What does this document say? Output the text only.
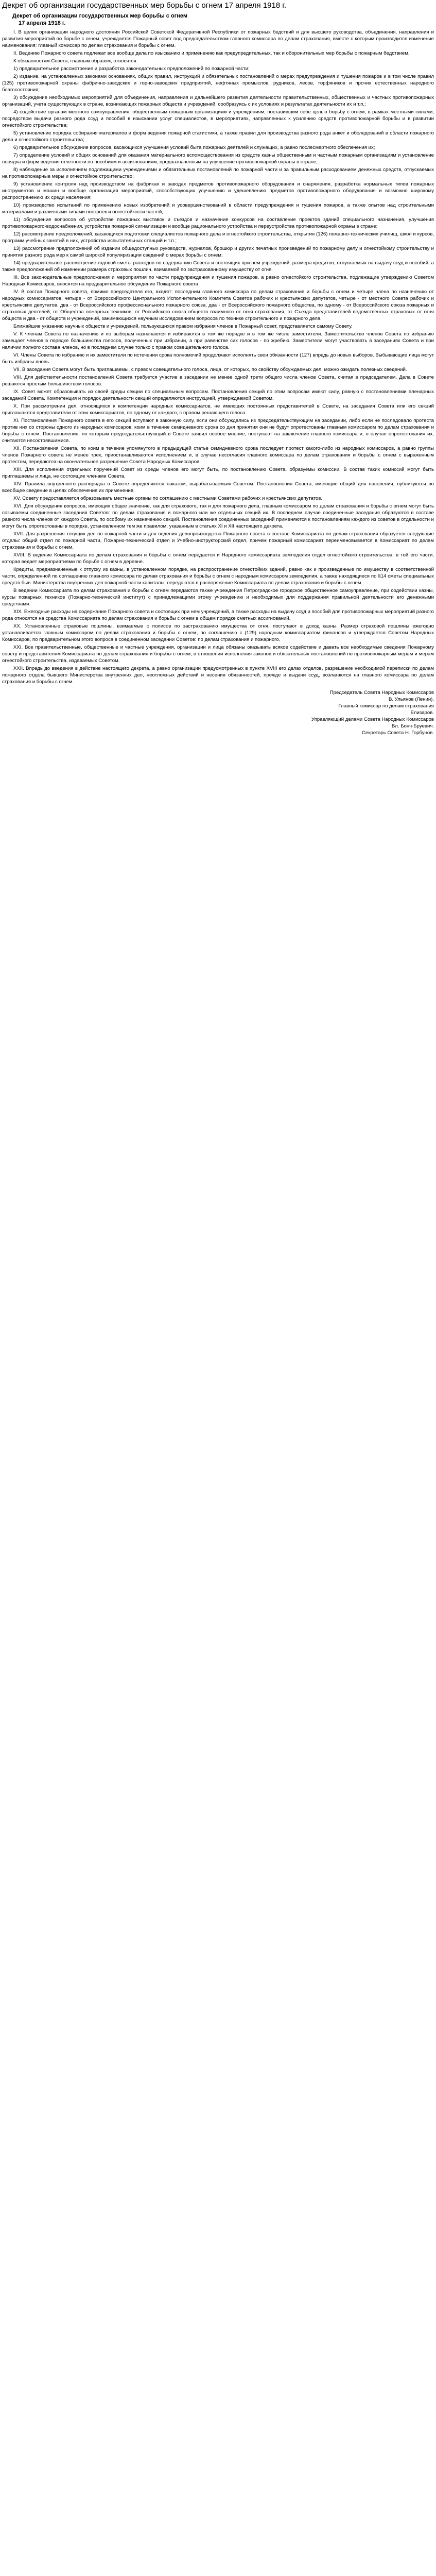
Декрет об организации государственных мер борьбы с огнем 17 апреля 1918 г.
Декрет об организации государственных мер борьбы с огнем
17 апреля 1918 г.

I. В целях организации народного достояния Российской Советской Федеративной Республики от пожарных бедствий и для высшего руководства, объединения, направления и развития мероприятий по борьбе с огнем, учреждается Пожарный совет под председательством главного комиссара по делам страхования, вместе с которым производится изменение наименования: главный комиссар по делам страхования и борьбы с огнем.

II. Ведению Пожарного совета подлежат все вообще дела по изысканию и применению как предупредительных, так и оборонительных мер борьбы с пожарным бедствием.

К обязанностям Совета, главным образом, относятся:

1) предварительное рассмотрение и разработка законодательных предположений по пожарной части;

2) издание, на установленных законами основаниях, общих правил, инструкций и обязательных постановлений о мерах предупреждения и тушения пожаров и в том числе правил (125) противопожарной охраны фабрично-заводских и горно-заводских предприятий, нефтяных промыслов, рудников, лесов, торфяников и прочих естественных народного благосостояния;

3) обсуждение необходимых мероприятий для объединения, направления и дальнейшего развития деятельности правительственных, общественных и частных противопожарных организаций, учета существующих в стране, возникающих пожарных обществ и учреждений, сообразуясь с их условиях и результатах деятельности их и т.п.;

4) содействие органам местного самоуправления, общественным пожарным организациям и учреждениям, поставившим себе целью борьбу с огнем, в рамках местными силами, посредством выдачи разного рода ссуд и пособий в изыскании услуг специалистов, в мероприятиях, направленных к усилению средств противопожарной борьбы и в развитии огнестойкого строительства;

5) установление порядка собирания материалов и форм ведения пожарной статистики, а также правил для производства разного рода анкет и обследований в области пожарного дела и огнестойкого строительства;

6) предварительное обсуждение вопросов, касающихся улучшения условий быта пожарных деятелей и служащих, а равно послесмертного обеспечения их;

7) определение условий и общих оснований для оказания материального вспомоществования из средств казны общественным и частным пожарным организациям и установление порядка и форм ведения отчетности по пособиям и ассигнованиям, предназначенным на улучшение противопожарной охраны в стране;

8) наблюдение за исполнением подлежащими учреждениями и обязательных постановлений по пожарной части и за правильным расходованием денежных средств, отпускаемых на противопожарные меры и огнестойкое строительство;

9) установление контроля над производством на фабриках и заводах предметов противопожарного оборудования и снаряжения, разработка нормальных типов пожарных инструментов и машин и вообще организация мероприятий, способствующих улучшению и удешевлению предметов противопожарного оборудования и возможно широкому распространению их среди населения;

10) производство испытаний по применению новых изобретений и усовершенствований в области предупреждения и тушения пожаров, а также опытов над строительными материалами и различными типами построек и огнестойкости частей;

11) обсуждение вопросов об устройстве пожарных выставок и съездов и назначение конкурсов на составление проектов зданий специального назначения, улучшения противопожарного-водоснабжения, устройства пожарной сигнализации и вообще рационального устройства и переустройства противопожарной охраны в стране;

12) рассмотрение предположений, касающихся подготовки специалистов пожарного дела и огнестойкого строительства, открытия (126) пожарно-технических училищ, школ и курсов, программ учебных занятий в них, устройства испытательных станций и т.п.;

13) рассмотрение предположений об издании общедоступных руководств, журналов, брошюр и других печатных произведений по пожарному делу и огнестойкому строительству и принятия разного рода мер к самой широкой популяризации сведений о мерах борьбы с огнем;

14) предварительное рассмотрение годовой сметы расходов по содержанию Совета и состоящих при нем учреждений, размера кредитов, отпускаемых на выдачу ссуд и пособий, а также предположений об изменении размера страховых пошлин, взимаемой по застрахованному имуществу от огня.

III. Все законодательные предположения и мероприятия по части предупреждения и тушения пожаров, а равно огнестойкого строительства, подлежащие утверждению Советом Народных Комиссаров, вносятся на предварительное обсуждение Пожарного совета.

IV. В состав Пожарного совета, помимо председателя его, входят: последним главного комиссара по делам страхования и борьбы с огнем и четыре члена по назначению от народных комиссариатов, четыре - от Всероссийского Центрального Исполнительного Комитета Советов рабочих и крестьянских депутатов, четыре - от местного Совета рабочих и крестьянских депутатов, два - от Всероссийского профессионального пожарного союза, два - от Всероссийского пожарного общества, по одному - от Всероссийского союза пожарных и страховых деятелей, от Общества пожарных техников, от Российского союза обществ взаимного от огня страхования, от Съезда представителей ведомственных страховых от огня обществ и два - от обществ и учреждений, занимающихся научным исследованием вопросов по технике строительного и пожарного дела.

Ближайшие указанию научных обществ и учреждений, пользующихся правом избрания членов в Пожарный совет, представляется самому Совету.

V. К членам Совета по назначению и по выборам назначаются и избираются в том же порядке и в том же числе заместители. Заместительство членов Совета по избранию замещает членов в порядке большинства голосов, полученных при избрании, а при равенстве сих голосов - по жребию. Заместители могут участвовать в заседаниях Совета и при наличии полного состава членов, но в последнем случае только с правом совещательного голоса.

VI. Члены Совета по избранию и их заместители по истечении срока полномочий продолжают исполнять свои обязанности (127) впредь до новых выборов. Выбывающие лица могут быть избраны вновь.

VII. В заседания Совета могут быть приглашаемы, с правом совещательного голоса, лица, от которых, по свойству обсуждаемых дел, можно ожидать полезных сведений.

VIII. Для действительности постановлений Совета требуется участие в заседании не менее одной трети общего числа членов Совета, считая в председателем. Дела в Совете решаются простым большинством голосов.

IX. Совет может образовывать из своей среды секции по специальным вопросам. Постановления секций по этим вопросам имеют силу, равную с постановлениями пленарных заседаний Совета. Компетенция и порядок деятельности секций определяются инструкцией, утверждаемой Советом.

X. При рассмотрении дел, относящихся к компетенции народных комиссариатов, не имеющих постоянных представителей в Совете, на заседания Совета или его секций приглашаются представители от этих комиссариатов, по одному от каждого, с правом решающего голоса.

XI. Постановления Пожарного совета в его секций вступают в законную силу, если они обсуждались из председательствующим на заседании, либо если не последовало протеста против них со стороны одного из народных комиссаров, коим в течение семидневного срока со дня принятия они не будут опротестованы главным комиссаром по делам страхования и борьбы с огнем. Постановления, по которым председательствующий в Совете заявил особое мнение, поступают на заключение главного комиссара и, в случае опротестования их, считаются несостоявшимися.

XII. Постановления Совета, по коим в течение упомянутого в предыдущей статье семидневного срока последует протест какого-либо из народных комиссаров, а равно группы членов Пожарного совета не менее трех, приостанавливаются исполнением и, в случае несогласия главного комиссара по делам страхования и борьбы с огнем с выраженным протестом, передаются на окончательное разрешение Совета Народных Комиссаров.

XIII. Для исполнения отдельных поручений Совет из среды членов его могут быть, по постановлению Совета, образуемы комиссии. В состав таких комиссий могут быть приглашаемы и лица, не состоящие членами Совета.

XIV. Правила внутреннего распорядка в Совете определяются наказом, вырабатываемым Советом. Постановления Совета, имеющие общий для населения, публикуются во всеобщее сведение в целях обеспечения их применения.

XV. Совету предоставляется образовывать местные органы по соглашению с местными Советами рабочих и крестьянских депутатов.

XVI. Для обсуждения вопросов, имеющих общее значение, как для страхового, так и для пожарного дела, главным комиссаром по делам страхования и борьбы с огнем могут быть созываемы соединенные заседания Советов: по делам страхования и пожарного или же отдельных секций их. В последнем случае соединенные заседания образуются в составе равного числа членов от каждого Совета, по особому их назначению секций. Постановления соединенных заседаний применяются к постановлениям каждого из советов в отдельности и могут быть опротестованы в порядке, установленном тем же правилом, указанным в статьях XI и XII настоящего декрета.

XVII. Для разрешения текущих дел по пожарной части и для ведения делопроизводства Пожарного совета в составе Комиссариата по делам страхования образуется следующие отделы: общий отдел по пожарной части, Пожарно-технический отдел и Учебно-инструкторский отдел, причем пожарный комиссариат переименовывается в Комиссариат по делам страхования и борьбы с огнем.

XVIII. В ведение Комиссариата по делам страхования и борьбы с огнем передается и Народного комиссариата земледелия отдел огнестойкого строительства, в той его части, которая ведает мероприятиями по борьбе с огнем в деревне.

Кредиты, предназначенные к отпуску из казны, в установленном порядке, на распространение огнестойких зданий, равно как и произведенные по имуществу в соответственной части, определенной по соглашению главного комиссара по делам страхования и борьбы с огнем с народным комиссаром земледелия, а также находящиеся по §14 сметы специальных средств быв. Министерства внутренних дел пожарной части капиталы, передаются в распоряжение Комиссариата по делам страхования и борьбы с огнем.

В ведении Комиссариата по делам страхования и борьбы с огнем передаются также учреждения Петроградское городское общественное самоуправление, при содействии казны, курсы пожарных техников (Пожарно-технический институт) с принадлежащими этому учреждению и необходимых для поддержания правильной деятельности его денежными средствами.

XIX. Ежегодные расходы на содержание Пожарного совета и состоящих при нем учреждений, а также расходы на выдачу ссуд и пособий для противопожарных мероприятий разного рода относятся на средства Комиссариата по делам страхования и борьбы с огнем в общем порядке сметных ассигнований.

XX. Установленные страховые пошлины, взимаемые с полисов по застрахованию имущества от огня, поступают в доход казны. Размер страховой пошлины ежегодно устанавливается главным комиссаром по делам страхования и борьбы с огнем, по соглашению с (129) народным комиссариатом финансов и утверждается Советом Народных Комиссаров, по предварительном этого вопроса в соединенном заседании Советов: по делам страхования и пожарного.

XXI. Все правительственные, общественные и частные учреждения, организации и лица обязаны оказывать всякое содействие и давать все необходимые сведения Пожарному совету и представителям Комиссариата по делам страхования и борьбы с огнем, в отношении исполнения законов и обязательных постановлений по противопожарным мерам и мерам огнестойкого строительства, издаваемых Советом.

XXII. Впредь до введения в действие настоящего декрета, а равно организации предусмотренных в пункте XVIII его делах отделов, разрешение необходимой переписки по делам пожарного отдела бывшего Министерства внутренних дел, неотложных действий и несения обязанностей, прежде и выдачи ссуд, возлагаются на главного комиссара по делам страхования и борьбы с огнем.

Председатель Совета Народных Комиссаров
В. Ульянов (Ленин).
Главный комиссар по делам страхования
Елизаров.
Управляющий делами Совета Народных Комиссаров
Вл. Бонч-Бруевич.
Секретарь Совета Н. Горбунов.
